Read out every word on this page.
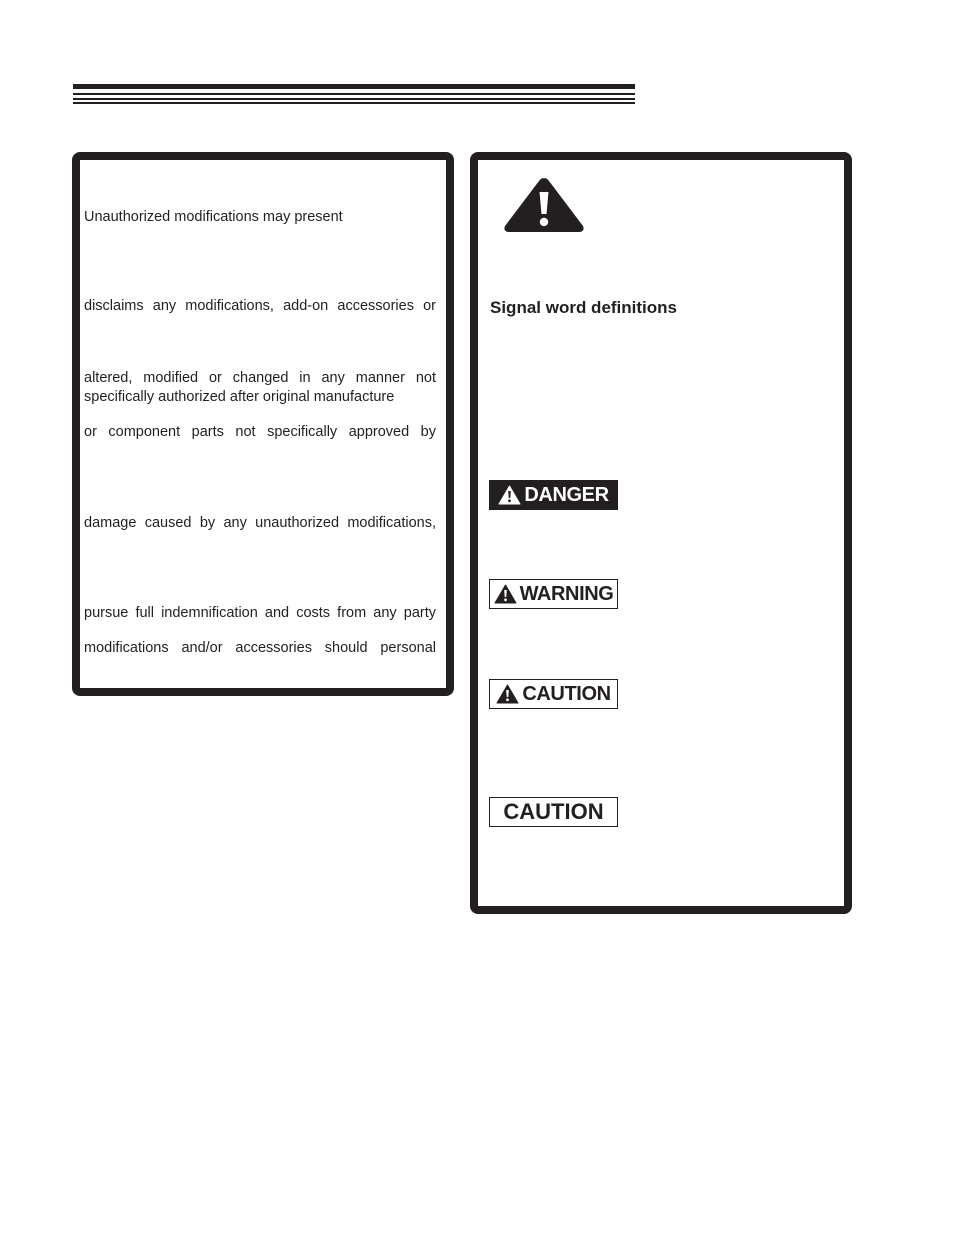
Unauthorized modifications may present
disclaims any modifications, add-on accessories or
altered, modified or changed in any manner not
specifically authorized after original manufacture
or component parts not specifically approved by
damage caused by any unauthorized modifications,
pursue full indemnification and costs from any party
modifications and/or accessories should personal
Signal word definitions
DANGER
WARNING
CAUTION
CAUTION
